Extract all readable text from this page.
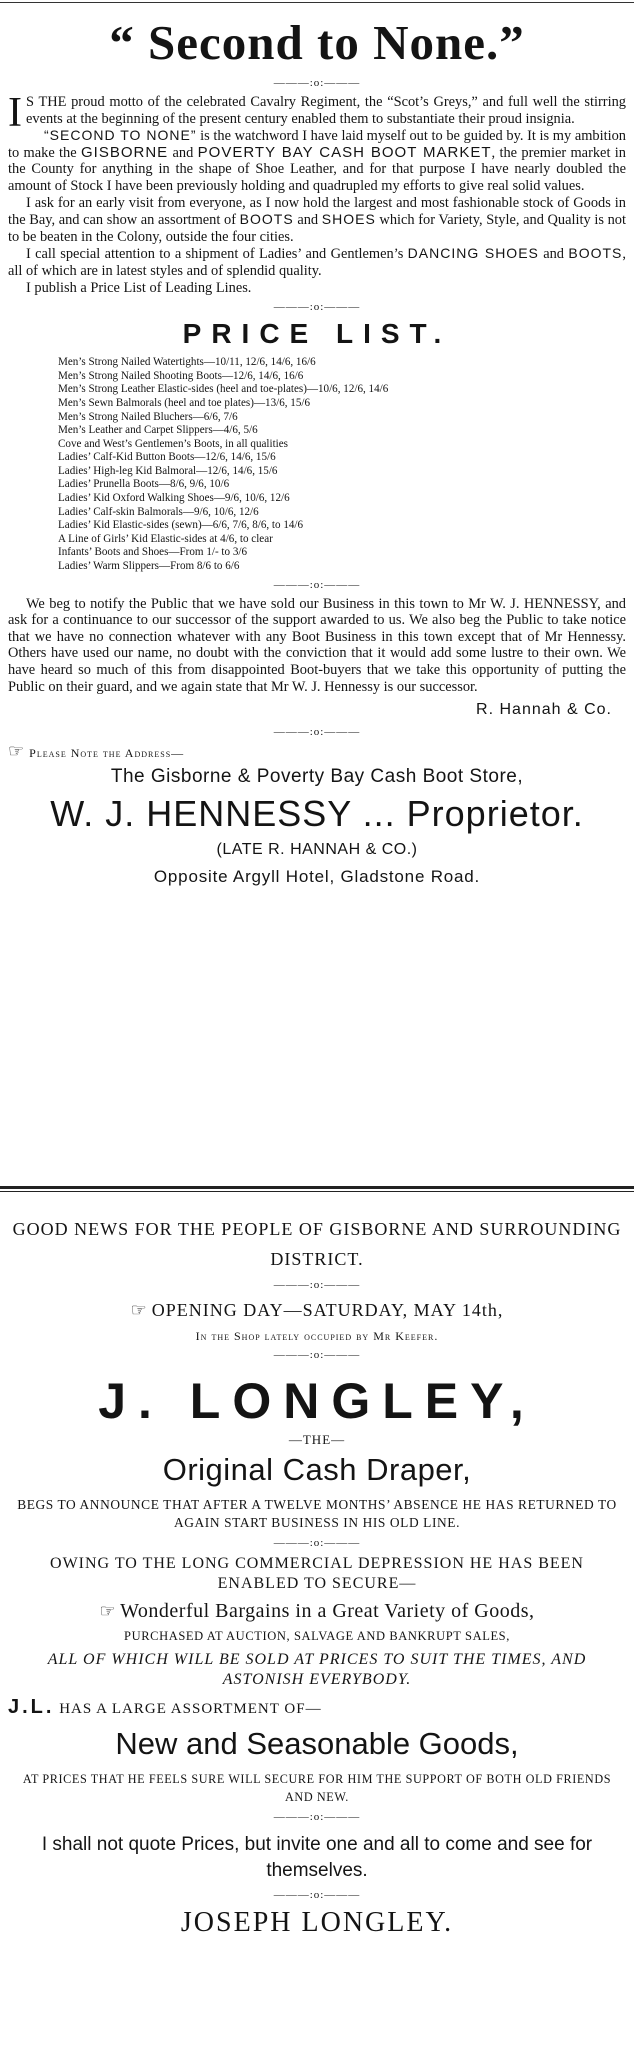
“ Second to None.”
———:o:———

I S THE proud motto of the celebrated Cavalry Regiment, the “Scot’s Greys,” and full well the stirring events at the beginning of the present century enabled them to substantiate their proud insignia.

“SECOND TO NONE” is the watchword I have laid myself out to be guided by. It is my ambition to make the GISBORNE and POVERTY BAY CASH BOOT MARKET, the premier market in the County for anything in the shape of Shoe Leather, and for that purpose I have nearly doubled the amount of Stock I have been previously holding and quadrupled my efforts to give real solid values.

I ask for an early visit from everyone, as I now hold the largest and most fashionable stock of Goods in the Bay, and can show an assortment of BOOTS and SHOES which for Variety, Style, and Quality is not to be beaten in the Colony, outside the four cities.

I call special attention to a shipment of Ladies’ and Gentlemen’s DANCING SHOES and BOOTS, all of which are in latest styles and of splendid quality.

I publish a Price List of Leading Lines.

———:o:———
PRICE LIST.
Men’s Strong Nailed Watertights—10/11, 12/6, 14/6, 16/6
Men’s Strong Nailed Shooting Boots—12/6, 14/6, 16/6
Men’s Strong Leather Elastic-sides (heel and toe-plates)—10/6, 12/6, 14/6
Men’s Sewn Balmorals (heel and toe plates)—13/6, 15/6
Men’s Strong Nailed Bluchers—6/6, 7/6
Men’s Leather and Carpet Slippers—4/6, 5/6
Cove and West’s Gentlemen’s Boots, in all qualities
Ladies’ Calf-Kid Button Boots—12/6, 14/6, 15/6
Ladies’ High-leg Kid Balmoral—12/6, 14/6, 15/6
Ladies’ Prunella Boots—8/6, 9/6, 10/6
Ladies’ Kid Oxford Walking Shoes—9/6, 10/6, 12/6
Ladies’ Calf-skin Balmorals—9/6, 10/6, 12/6
Ladies’ Kid Elastic-sides (sewn)—6/6, 7/6, 8/6, to 14/6
A Line of Girls’ Kid Elastic-sides at 4/6, to clear
Infants’ Boots and Shoes—From 1/- to 3/6
Ladies’ Warm Slippers—From 8/6 to 6/6
———:o:———

We beg to notify the Public that we have sold our Business in this town to Mr W. J. HENNESSY, and ask for a continuance to our successor of the support awarded to us. We also beg the Public to take notice that we have no connection whatever with any Boot Business in this town except that of Mr Hennessy. Others have used our name, no doubt with the conviction that it would add some lustre to their own. We have heard so much of this from disappointed Boot-buyers that we take this opportunity of putting the Public on their guard, and we again state that Mr W. J. Hennessy is our successor.

R. Hannah & Co.
———:o:———
☞ Please Note the Address—
The Gisborne & Poverty Bay Cash Boot Store,
W. J. HENNESSY ... Proprietor.
(LATE R. HANNAH & CO.)
Opposite Argyll Hotel, Gladstone Road.

GOOD NEWS FOR THE PEOPLE OF GISBORNE AND SURROUNDING DISTRICT.

———:o:———

☞ OPENING DAY—SATURDAY, MAY 14th,

In the Shop lately occupied by Mr Keefer.

———:o:———
J. LONGLEY,
—THE—
Original Cash Draper,

BEGS TO ANNOUNCE THAT AFTER A TWELVE MONTHS’ ABSENCE HE HAS RETURNED TO AGAIN START BUSINESS IN HIS OLD LINE.

———:o:———

OWING TO THE LONG COMMERCIAL DEPRESSION HE HAS BEEN ENABLED TO SECURE—

☞ Wonderful Bargains in a Great Variety of Goods,

PURCHASED AT AUCTION, SALVAGE AND BANKRUPT SALES,

ALL OF WHICH WILL BE SOLD AT PRICES TO SUIT THE TIMES, AND ASTONISH EVERYBODY.

J.L. HAS A LARGE ASSORTMENT OF—

New and Seasonable Goods,

AT PRICES THAT HE FEELS SURE WILL SECURE FOR HIM THE SUPPORT OF BOTH OLD FRIENDS AND NEW.

———:o:———

I shall not quote Prices, but invite one and all to come and see for themselves.

———:o:———
JOSEPH LONGLEY.
